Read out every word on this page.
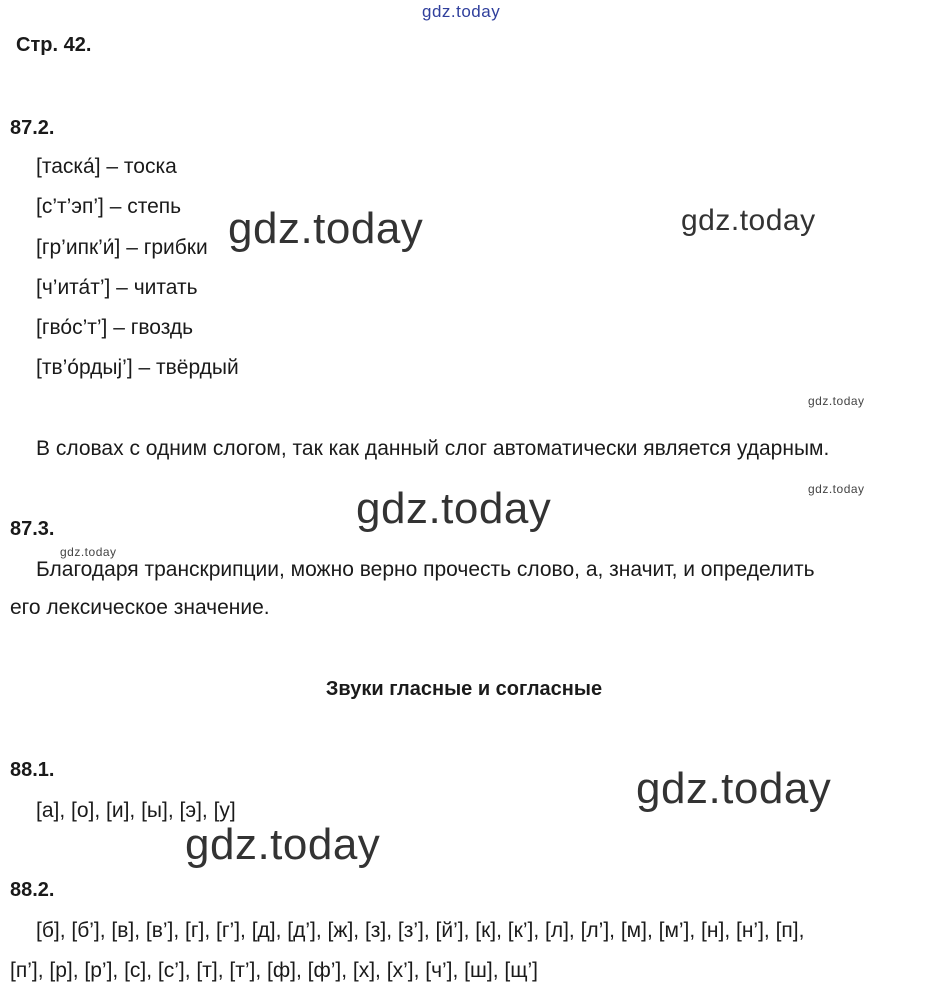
gdz.today
Стр. 42.
87.2.
[таска́] – тоска
[с’т’эп’] – степь
[гр’ипк’и́] – грибки
[ч’ита́т’] – читать
[гво́с’т’] – гвоздь
[тв’о́рдыj’] – твёрдый
В словах с одним слогом, так как данный слог автоматически является ударным.
87.3.
Благодаря транскрипции, можно верно прочесть слово, а, значит, и определить
его лексическое значение.
Звуки гласные и согласные
88.1.
[а], [о], [и], [ы], [э], [у]
88.2.
[б], [б’], [в], [в’], [г], [г’], [д], [д’], [ж], [з], [з’], [й’], [к], [к’], [л], [л’], [м], [м’], [н], [н’], [п],
[п’], [р], [р’], [с], [с’], [т], [т’], [ф], [ф’], [х], [х’], [ч’], [ш], [щ’]
gdz.today	gdz.today
gdz.today
gdz.today
gdz.today
gdz.today
gdz.today
gdz.today
